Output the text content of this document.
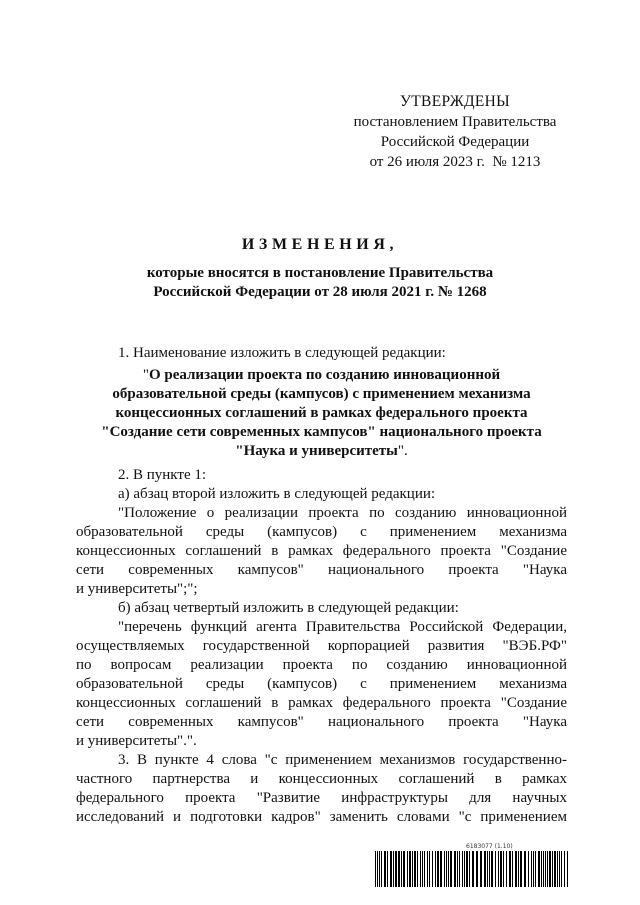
УТВЕРЖДЕНЫ
постановлением Правительства
Российской Федерации
от 26 июля 2023 г.  № 1213
ИЗМЕНЕНИЯ,
которые вносятся в постановление Правительства
Российской Федерации от 28 июля 2021 г. № 1268

1. Наименование изложить в следующей редакции:

"О реализации проекта по созданию инновационной образовательной среды (кампусов) с применением механизма концессионных соглашений в рамках федерального проекта "Создание сети современных кампусов" национального проекта "Наука и университеты".

2. В пункте 1:

а) абзац второй изложить в следующей редакции:

"Положение о реализации проекта по созданию инновационной

образовательной среды (кампусов) с применением механизма

концессионных соглашений в рамках федерального проекта "Создание

сети современных кампусов" национального проекта "Наука

и университеты";";

б) абзац четвертый изложить в следующей редакции:

"перечень функций агента Правительства Российской Федерации,

осуществляемых государственной корпорацией развития "ВЭБ.РФ"

по вопросам реализации проекта по созданию инновационной

образовательной среды (кампусов) с применением механизма

концессионных соглашений в рамках федерального проекта "Создание

сети современных кампусов" национального проекта "Наука

и университеты".".

3. В пункте 4 слова "с применением механизмов государственно-

частного партнерства и концессионных соглашений в рамках

федерального проекта "Развитие инфраструктуры для научных

исследований и подготовки кадров" заменить словами "с применением

6183077 (1.10)
